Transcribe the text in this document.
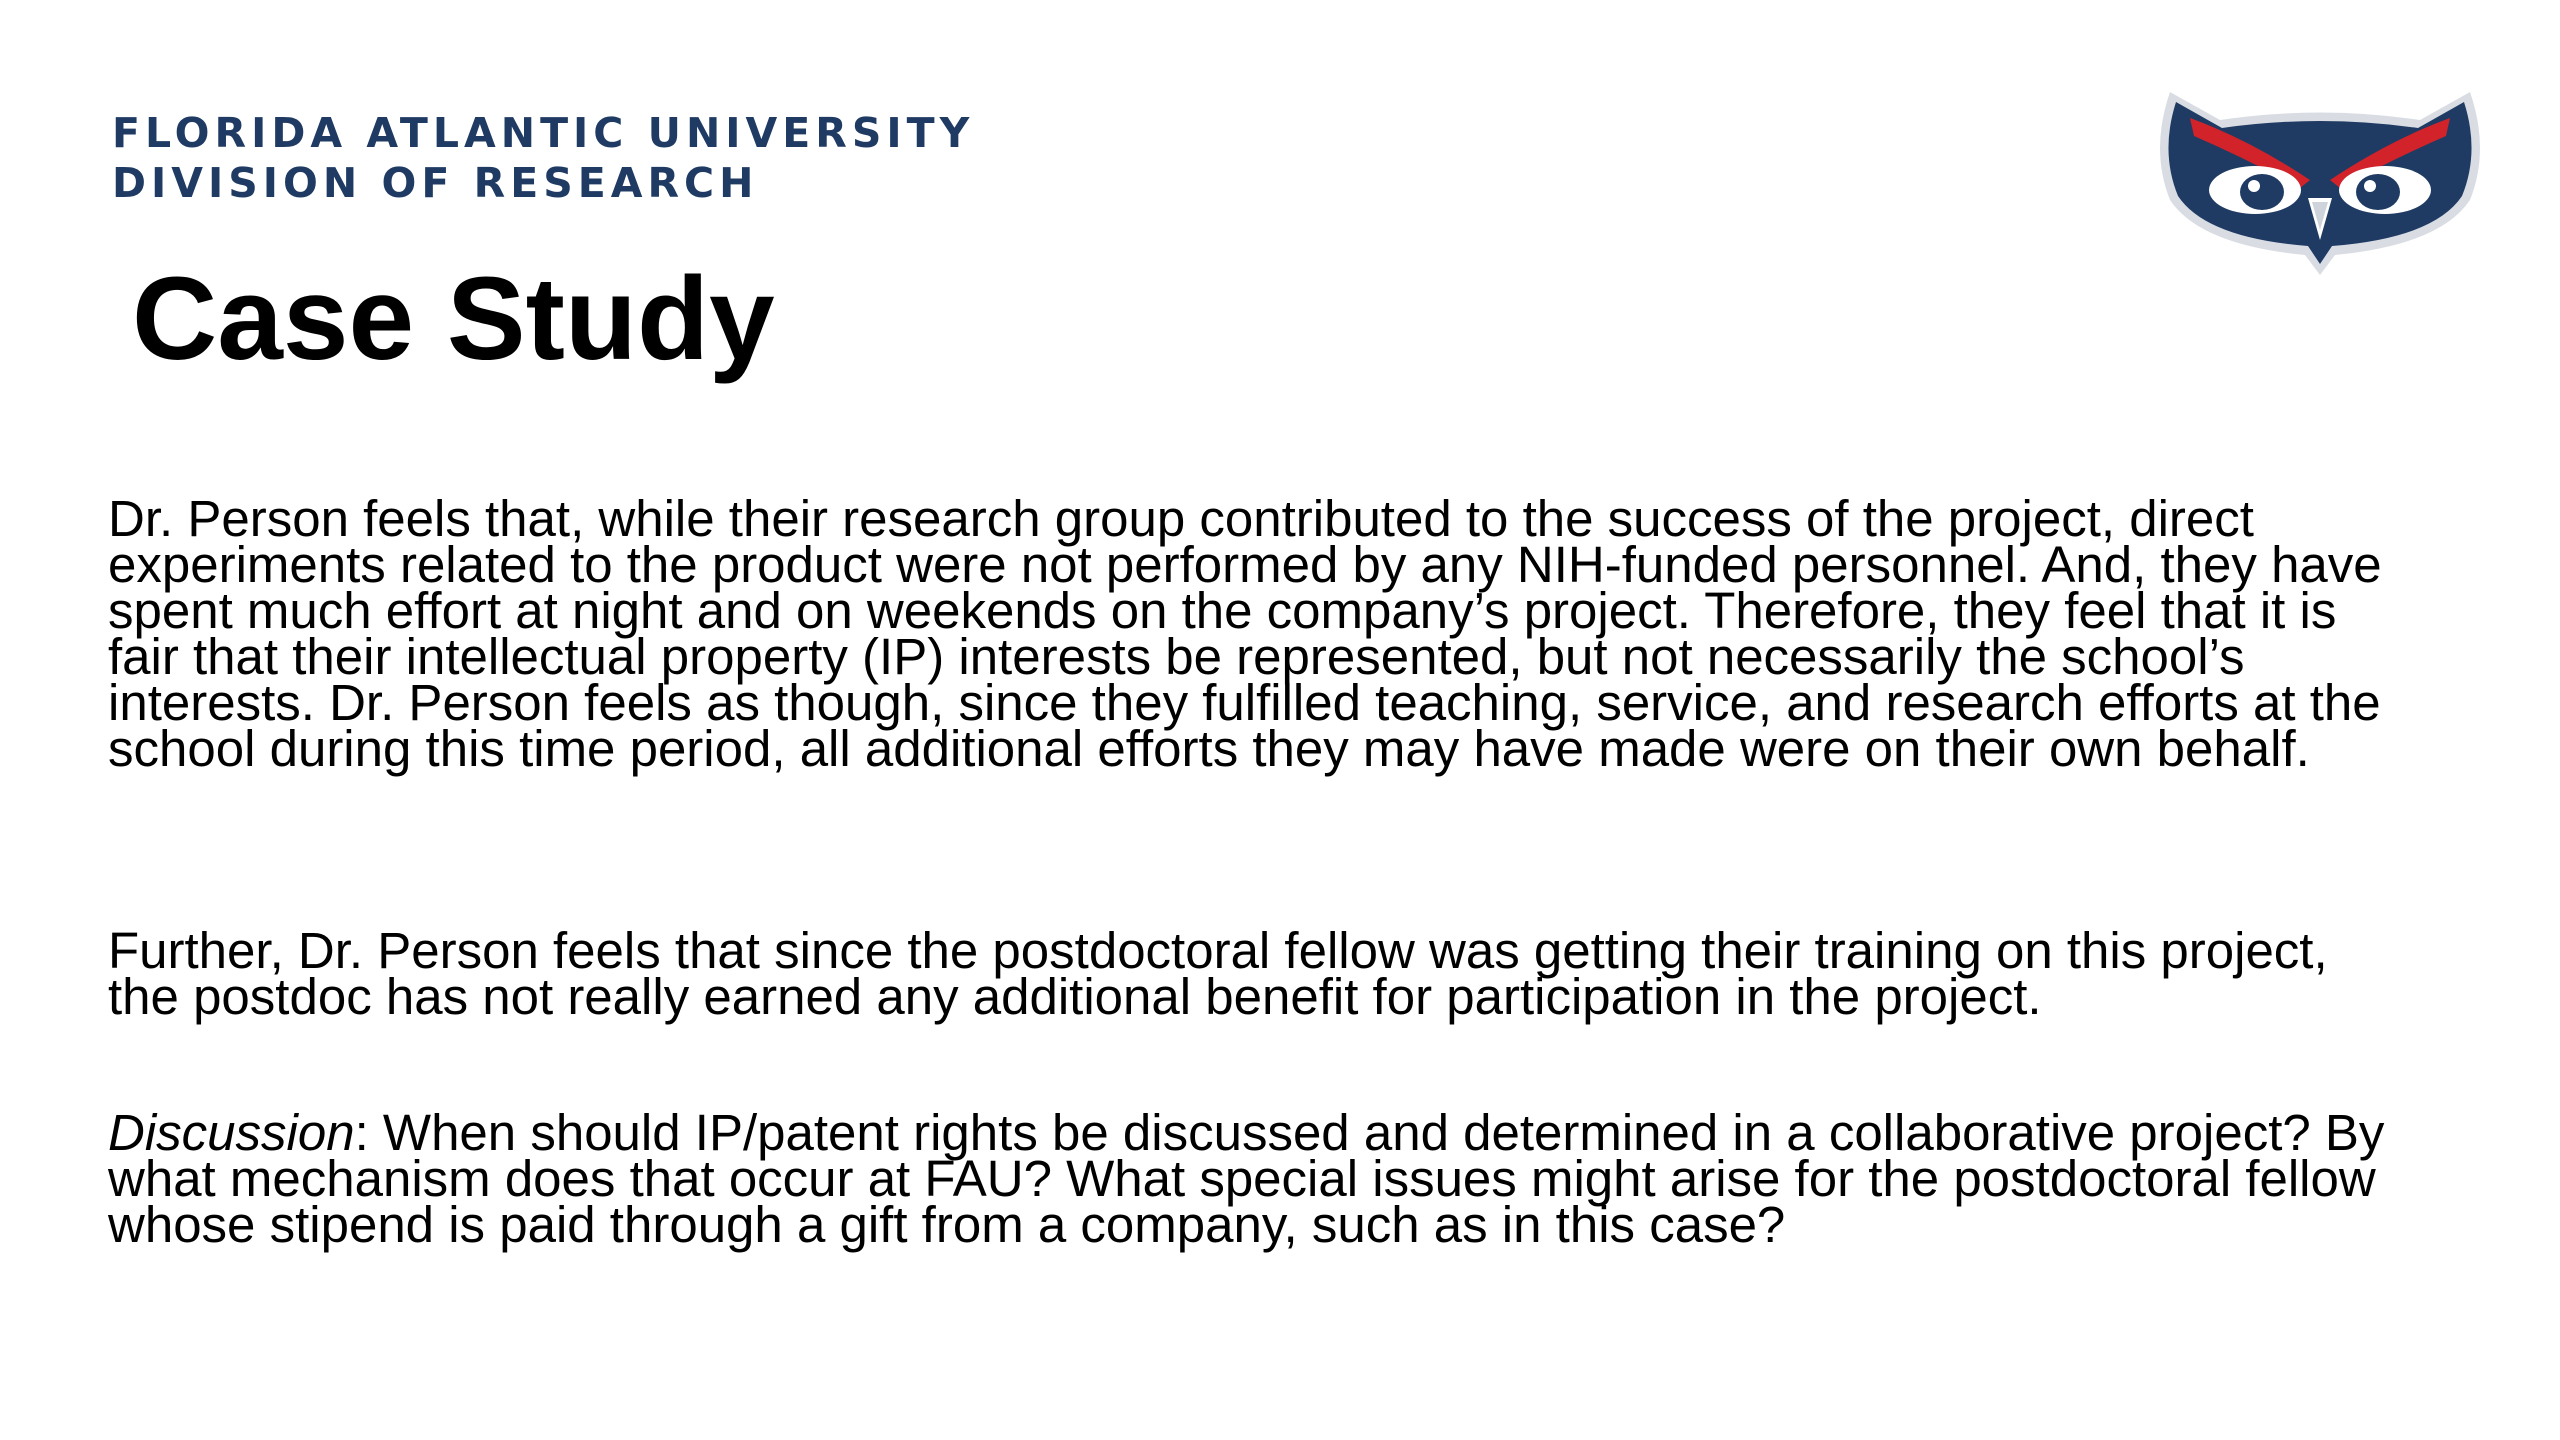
FLORIDA ATLANTIC UNIVERSITY
DIVISION OF RESEARCH
Case Study

Dr. Person feels that, while their research group contributed to the success of the project, direct experiments related to the product were not performed by any NIH-funded personnel. And, they have spent much effort at night and on weekends on the company’s project. Therefore, they feel that it is fair that their intellectual property (IP) interests be represented, but not necessarily the school’s interests. Dr. Person feels as though, since they fulfilled teaching, service, and research efforts at the school during this time period, all additional efforts they may have made were on their own behalf.

Further, Dr. Person feels that since the postdoctoral fellow was getting their training on this project, the postdoc has not really earned any additional benefit for participation in the project.

Discussion: When should IP/patent rights be discussed and determined in a collaborative project? By what mechanism does that occur at FAU? What special issues might arise for the postdoctoral fellow whose stipend is paid through a gift from a company, such as in this case?
